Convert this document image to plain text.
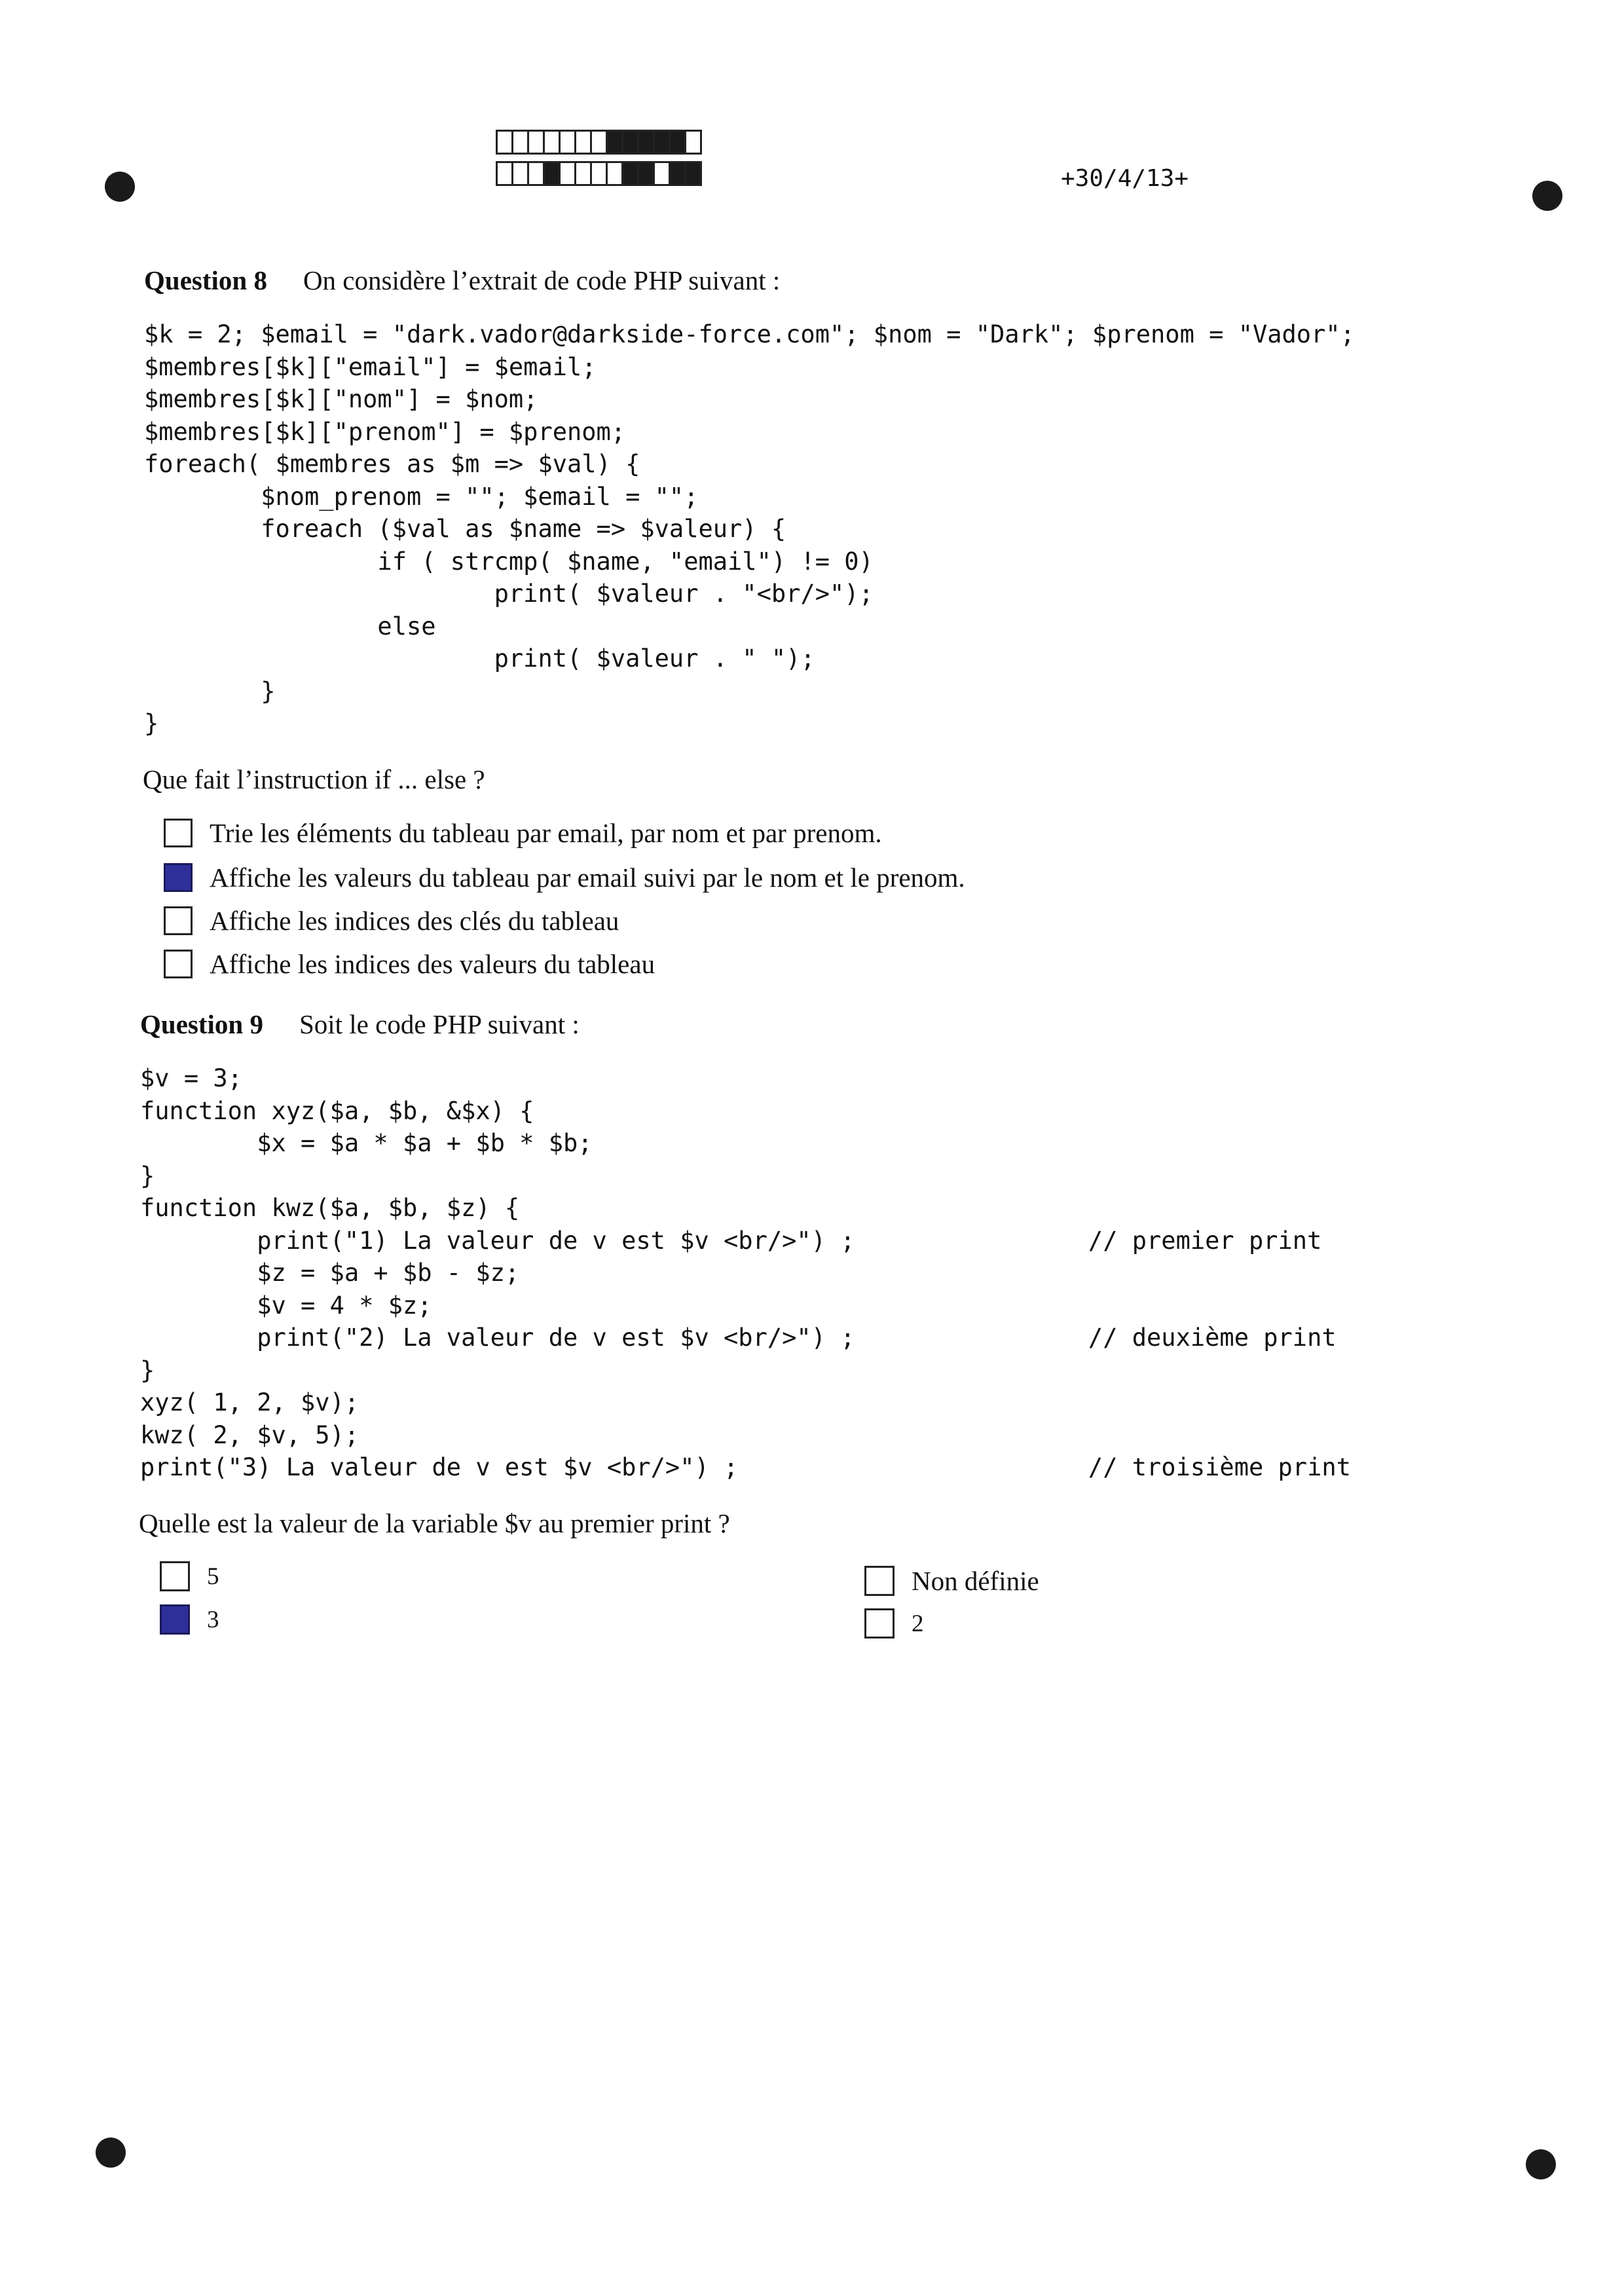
+30/4/13+
Question 8 On considère l’extrait de code PHP suivant :
$k = 2; $email = "dark.vador@darkside-force.com"; $nom = "Dark"; $prenom = "Vador";
$membres[$k]["email"] = $email;
$membres[$k]["nom"] = $nom;
$membres[$k]["prenom"] = $prenom;
foreach( $membres as $m => $val) {
$nom_prenom = ""; $email = "";
foreach ($val as $name => $valeur) {
if ( strcmp( $name, "email") != 0)
print( $valeur . "<br/>");
else
print( $valeur . " ");
}
}
Que fait l’instruction if ... else ?
Trie les éléments du tableau par email, par nom et par prenom.
Affiche les valeurs du tableau par email suivi par le nom et le prenom.
Affiche les indices des clés du tableau
Affiche les indices des valeurs du tableau
Question 9 Soit le code PHP suivant :
$v = 3;
function xyz($a, $b, &$x) {
$x = $a * $a + $b * $b;
}
function kwz($a, $b, $z) {
print("1) La valeur de v est $v <br/>") ;                // premier print
$z = $a + $b - $z;
$v = 4 * $z;
print("2) La valeur de v est $v <br/>") ;                // deuxième print
}
xyz( 1, 2, $v);
kwz( 2, $v, 5);
print("3) La valeur de v est $v <br/>") ;                        // troisième print
Quelle est la valeur de la variable $v au premier print ?
5
3
Non définie
2
